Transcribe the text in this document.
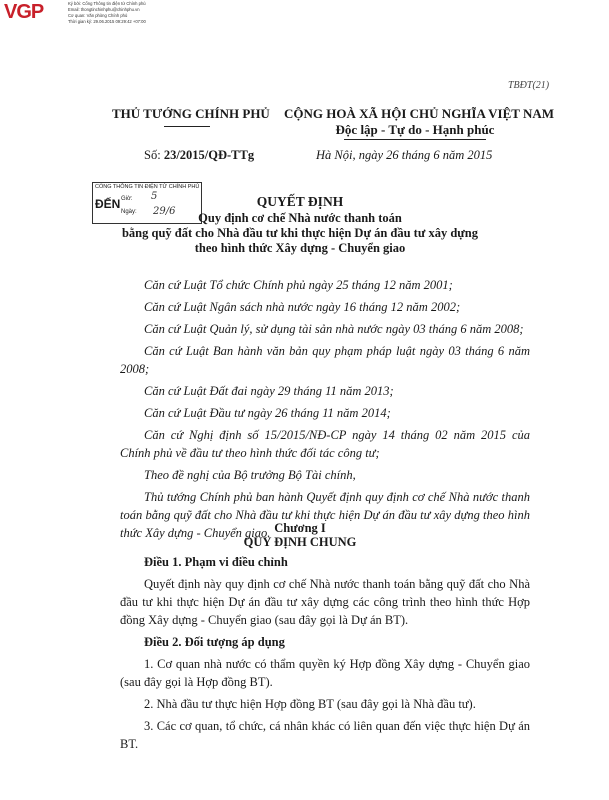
VGP	Ký bởi: Cổng Thông tin điện tử Chính phủ
Email: thongtinchinhphu@chinhphu.vn
Cơ quan: Văn phòng Chính phủ
Thời gian ký: 29.06.2015 09:29:42 +07:00
TBĐT(21)
THỦ TƯỚNG CHÍNH PHỦ
Số: 23/2015/QĐ-TTg
CỘNG HOÀ XÃ HỘI CHỦ NGHĨA VIỆT NAM
Độc lập - Tự do - Hạnh phúc
Hà Nội, ngày 26 tháng 6 năm 2015
CỔNG THÔNG TIN ĐIỆN TỬ CHÍNH PHỦ
ĐẾN Giờ:
Ngày:
5
29/6
QUYẾT ĐỊNH
Quy định cơ chế Nhà nước thanh toán
bằng quỹ đất cho Nhà đầu tư khi thực hiện Dự án đầu tư xây dựng
theo hình thức Xây dựng - Chuyển giao
Căn cứ Luật Tổ chức Chính phủ ngày 25 tháng 12 năm 2001;
Căn cứ Luật Ngân sách nhà nước ngày 16 tháng 12 năm 2002;
Căn cứ Luật Quản lý, sử dụng tài sản nhà nước ngày 03 tháng 6 năm 2008;
Căn cứ Luật Ban hành văn bản quy phạm pháp luật ngày 03 tháng 6 năm 2008;
Căn cứ Luật Đất đai ngày 29 tháng 11 năm 2013;
Căn cứ Luật Đầu tư ngày 26 tháng 11 năm 2014;
Căn cứ Nghị định số 15/2015/NĐ-CP ngày 14 tháng 02 năm 2015 của Chính phủ về đầu tư theo hình thức đối tác công tư;
Theo đề nghị của Bộ trưởng Bộ Tài chính,
Thủ tướng Chính phủ ban hành Quyết định quy định cơ chế Nhà nước thanh toán bằng quỹ đất cho Nhà đầu tư khi thực hiện Dự án đầu tư xây dựng theo hình thức Xây dựng - Chuyển giao. Chương I
QUY ĐỊNH CHUNG
Điều 1. Phạm vi điều chỉnh
Quyết định này quy định cơ chế Nhà nước thanh toán bằng quỹ đất cho Nhà đầu tư khi thực hiện Dự án đầu tư xây dựng các công trình theo hình thức Hợp đồng Xây dựng - Chuyển giao (sau đây gọi là Dự án BT).
Điều 2. Đối tượng áp dụng
1. Cơ quan nhà nước có thẩm quyền ký Hợp đồng Xây dựng - Chuyển giao (sau đây gọi là Hợp đồng BT).
2. Nhà đầu tư thực hiện Hợp đồng BT (sau đây gọi là Nhà đầu tư).
3. Các cơ quan, tổ chức, cá nhân khác có liên quan đến việc thực hiện Dự án BT.
